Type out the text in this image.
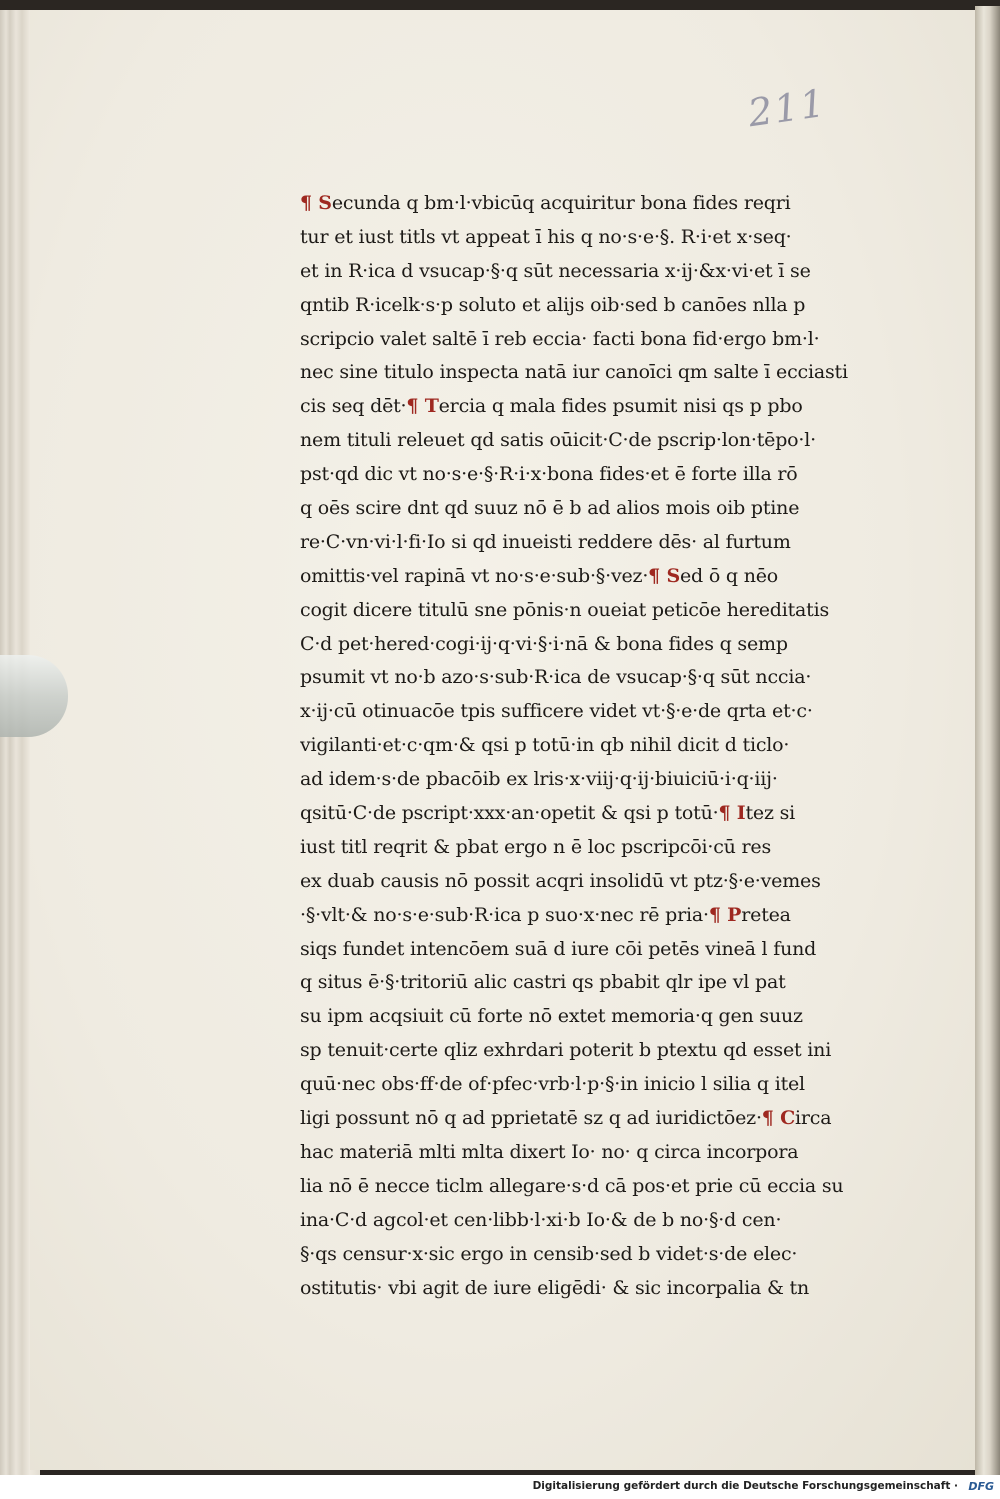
211
¶ Secunda q bm·l·vbicūq acquiritur bona fides reqri
tur et iust titls vt appeat ī his q no·s·e·§. R·i·et x·seq·
et in R·ica d vsucap·§·q sūt necessaria x·ij·&x·vi·et ī se
qntib R·icelk·s·p soluto et alijs oib·sed b canōes nlla p
scripcio valet saltē ī reb eccia· facti bona fid·ergo bm·l·
nec sine titulo inspecta natā iur canoīci qm salte ī ecciasti
cis seq dēt·¶ Tercia q mala fides psumit nisi qs p pbo
nem tituli releuet qd satis oūicit·C·de pscrip·lon·tēpo·l·
pst·qd dic vt no·s·e·§·R·i·x·bona fides·et ē forte illa rō
q oēs scire dnt qd suuz nō ē b ad alios mois oib ptine
re·C·vn·vi·l·fi·Io si qd inueisti reddere dēs· al furtum
omittis·vel rapinā vt no·s·e·sub·§·vez·¶ Sed ō q nēo
cogit dicere titulū sne pōnis·n oueiat peticōe hereditatis
C·d pet·hered·cogi·ij·q·vi·§·i·nā & bona fides q semp
psumit vt no·b azo·s·sub·R·ica de vsucap·§·q sūt nccia·
x·ij·cū otinuacōe tpis sufficere videt vt·§·e·de qrta et·c·
vigilanti·et·c·qm·& qsi p totū·in qb nihil dicit d ticlo·
ad idem·s·de pbacōib ex lris·x·viij·q·ij·biuiciū·i·q·iij·
qsitū·C·de pscript·xxx·an·opetit & qsi p totū·¶ Itez si
iust titl reqrit & pbat ergo n ē loc pscripcōi·cū res
ex duab causis nō possit acqri insolidū vt ptz·§·e·vemes
·§·vlt·& no·s·e·sub·R·ica p suo·x·nec rē pria·¶ Pretea
siqs fundet intencōem suā d iure cōi petēs vineā l fund
q situs ē·§·tritoriū alic castri qs pbabit qlr ipe vl pat
su ipm acqsiuit cū forte nō extet memoria·q gen suuz
sp tenuit·certe qliz exhrdari poterit b ptextu qd esset ini
quū·nec obs·ff·de of·pfec·vrb·l·p·§·in inicio l silia q itel
ligi possunt nō q ad pprietatē sz q ad iuridictōez·¶ Circa
hac materiā mlti mlta dixert Io· no· q circa incorpora
lia nō ē necce ticlm allegare·s·d cā pos·et prie cū eccia su
ina·C·d agcol·et cen·libb·l·xi·b Io·& de b no·§·d cen·
§·qs censur·x·sic ergo in censib·sed b videt·s·de elec·
ostitutis· vbi agit de iure eligēdi· & sic incorpalia & tn
Digitalisierung gefördert durch die Deutsche Forschungsgemeinschaft · DFG
